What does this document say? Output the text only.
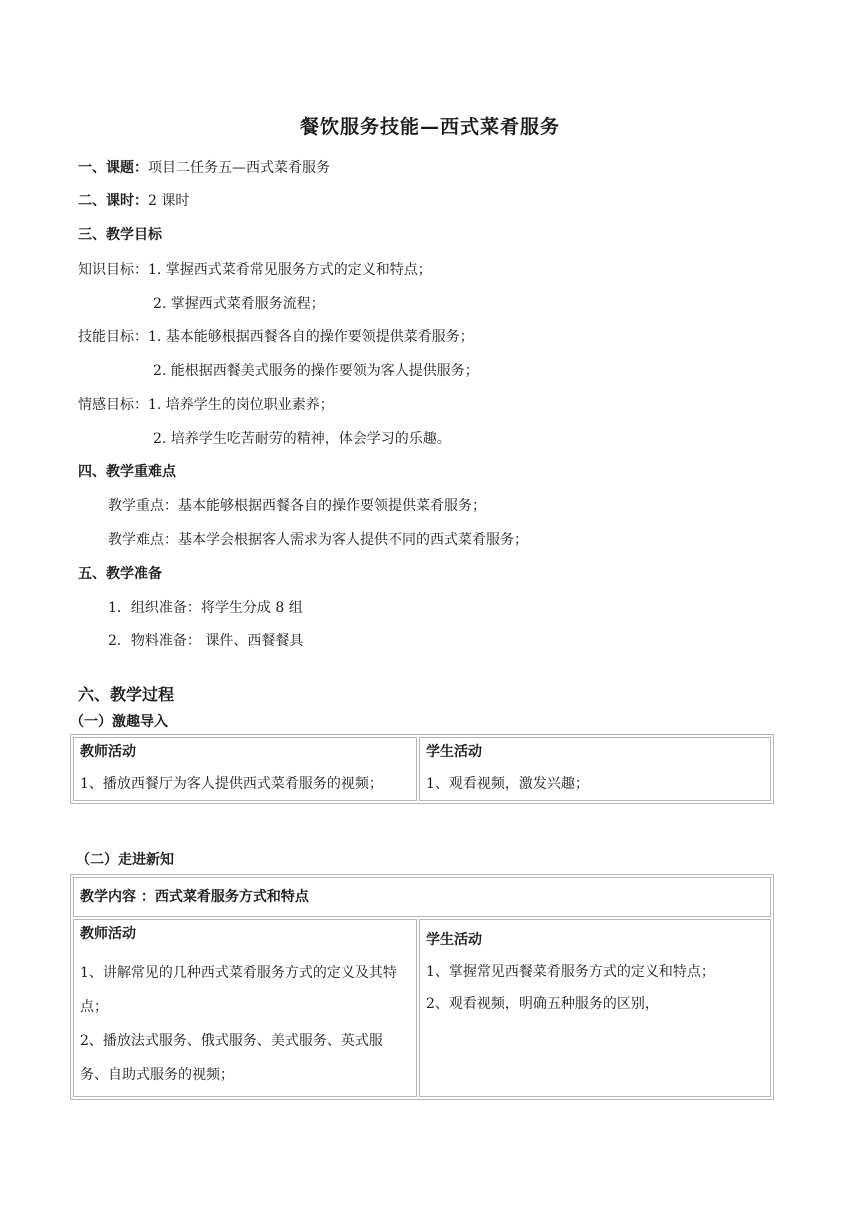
餐饮服务技能—西式菜肴服务
一、课题：项目二任务五—西式菜肴服务
二、课时：2 课时
三、教学目标
知识目标：1. 掌握西式菜肴常见服务方式的定义和特点；
2. 掌握西式菜肴服务流程；
技能目标：1. 基本能够根据西餐各自的操作要领提供菜肴服务；
2. 能根据西餐美式服务的操作要领为客人提供服务；
情感目标：1. 培养学生的岗位职业素养；
2. 培养学生吃苦耐劳的精神，体会学习的乐趣。
四、教学重难点
教学重点：基本能够根据西餐各自的操作要领提供菜肴服务；
教学难点：基本学会根据客人需求为客人提供不同的西式菜肴服务；
五、教学准备
1．组织准备：将学生分成 8 组
2．物料准备： 课件、西餐餐具
六、教学过程
（一）激趣导入
教师活动
1、播放西餐厅为客人提供西式菜肴服务的视频；

学生活动
1、观看视频，激发兴趣；
（二）走进新知
教学内容 ：西式菜肴服务方式和特点

教师活动
1、讲解常见的几种西式菜肴服务方式的定义及其特点；
2、播放法式服务、俄式服务、美式服务、英式服务、自助式服务的视频；

学生活动
1、掌握常见西餐菜肴服务方式的定义和特点；
2、观看视频，明确五种服务的区别，
